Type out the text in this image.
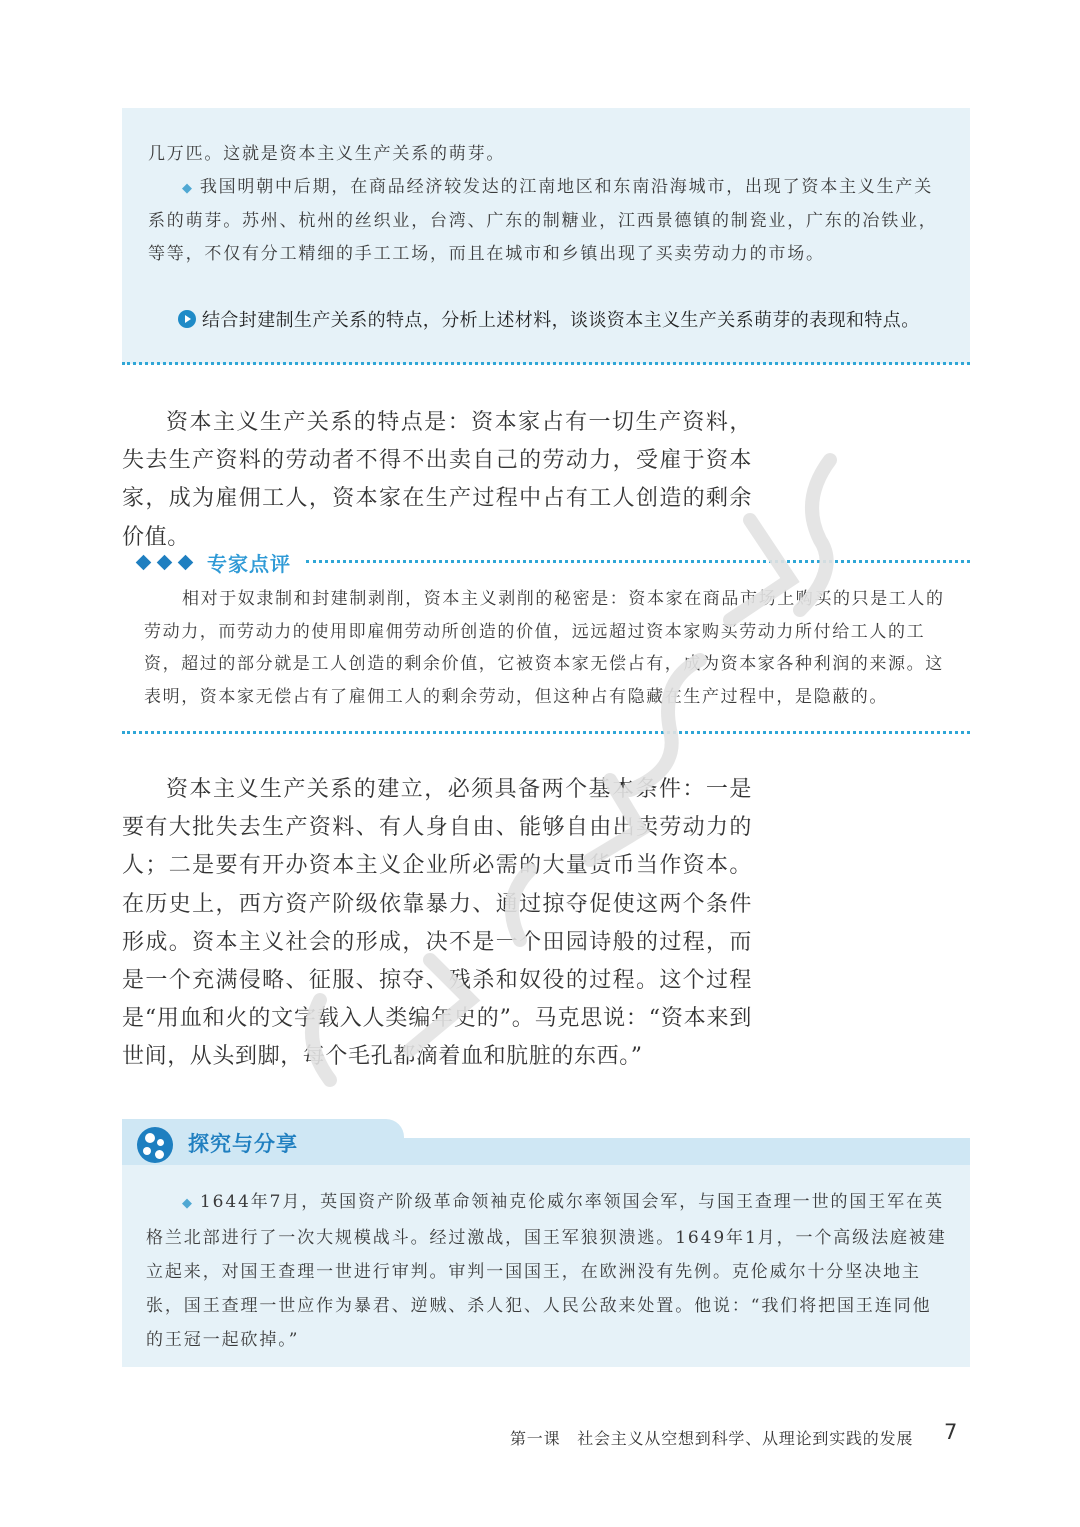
几万匹。这就是资本主义生产关系的萌芽。

◆ 我国明朝中后期，在商品经济较发达的江南地区和东南沿海城市，出现了资本主义生产关系的萌芽。苏州、杭州的丝织业，台湾、广东的制糖业，江西景德镇的制瓷业，广东的冶铁业，等等，不仅有分工精细的手工工场，而且在城市和乡镇出现了买卖劳动力的市场。

结合封建制生产关系的特点，分析上述材料，谈谈资本主义生产关系萌芽的表现和特点。

资本主义生产关系的特点是：资本家占有一切生产资料，失去生产资料的劳动者不得不出卖自己的劳动力，受雇于资本家，成为雇佣工人，资本家在生产过程中占有工人创造的剩余价值。

专家点评

相对于奴隶制和封建制剥削，资本主义剥削的秘密是：资本家在商品市场上购买的只是工人的劳动力，而劳动力的使用即雇佣劳动所创造的价值，远远超过资本家购买劳动力所付给工人的工资，超过的部分就是工人创造的剩余价值，它被资本家无偿占有，成为资本家各种利润的来源。这表明，资本家无偿占有了雇佣工人的剩余劳动，但这种占有隐藏在生产过程中，是隐蔽的。

资本主义生产关系的建立，必须具备两个基本条件：一是要有大批失去生产资料、有人身自由、能够自由出卖劳动力的人；二是要有开办资本主义企业所必需的大量货币当作资本。在历史上，西方资产阶级依靠暴力、通过掠夺促使这两个条件形成。资本主义社会的形成，决不是一个田园诗般的过程，而是一个充满侵略、征服、掠夺、残杀和奴役的过程。这个过程是“用血和火的文字载入人类编年史的”。马克思说：“资本来到世间，从头到脚，每个毛孔都滴着血和肮脏的东西。”

◆ 1644年7月，英国资产阶级革命领袖克伦威尔率领国会军，与国王查理一世的国王军在英格兰北部进行了一次大规模战斗。经过激战，国王军狼狈溃逃。1649年1月，一个高级法庭被建立起来，对国王查理一世进行审判。审判一国国王，在欧洲没有先例。克伦威尔十分坚决地主张，国王查理一世应作为暴君、逆贼、杀人犯、人民公敌来处置。他说：“我们将把国王连同他的王冠一起砍掉。”

探究与分享
第一课　社会主义从空想到科学、从理论到实践的发展 7
